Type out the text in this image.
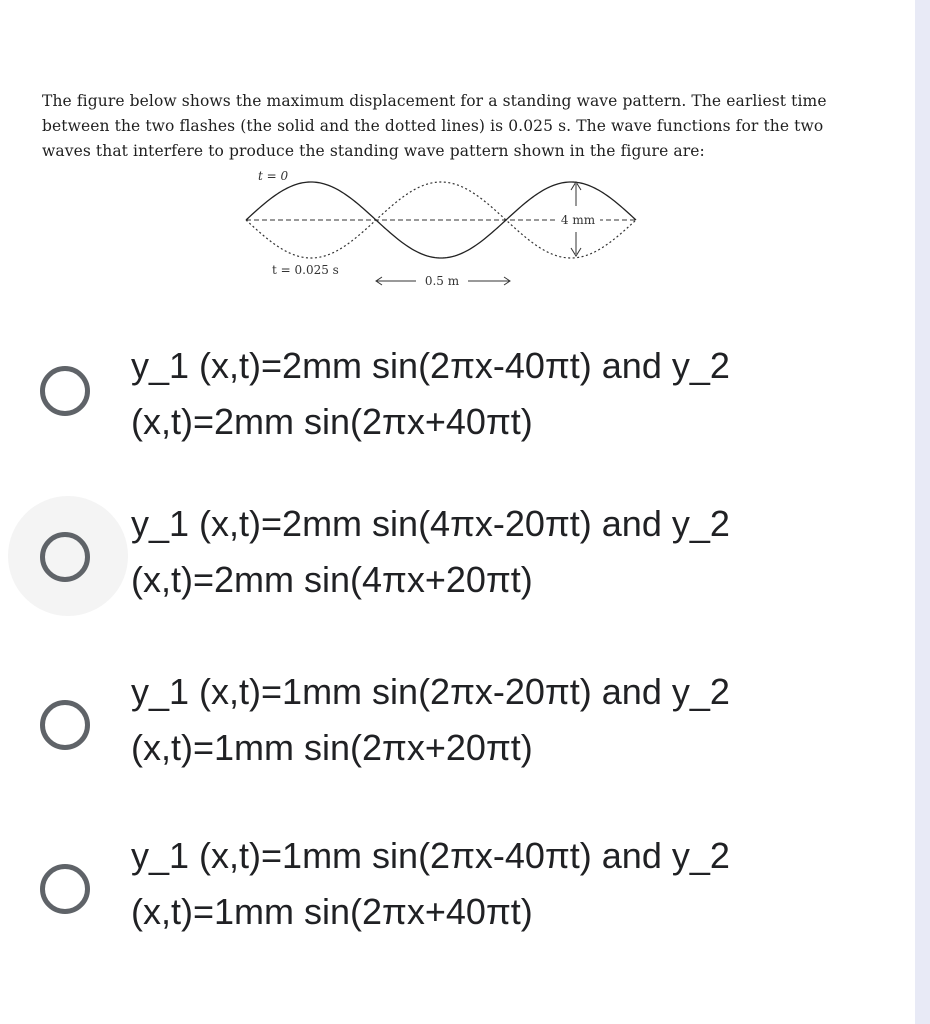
The figure below shows the maximum displacement for a standing wave pattern. The earliest time between the two flashes (the solid and the dotted lines) is 0.025 s. The wave functions for the two waves that interfere to produce the standing wave pattern shown in the figure are:
4 mm
t = 0
t = 0.025 s
0.5 m
y_1 (x,t)=2mm sin(2πx-40πt) and y_2
(x,t)=2mm sin(2πx+40πt)
y_1 (x,t)=2mm sin(4πx-20πt) and y_2
(x,t)=2mm sin(4πx+20πt)
y_1 (x,t)=1mm sin(2πx-20πt) and y_2
(x,t)=1mm sin(2πx+20πt)
y_1 (x,t)=1mm sin(2πx-40πt) and y_2
(x,t)=1mm sin(2πx+40πt)
